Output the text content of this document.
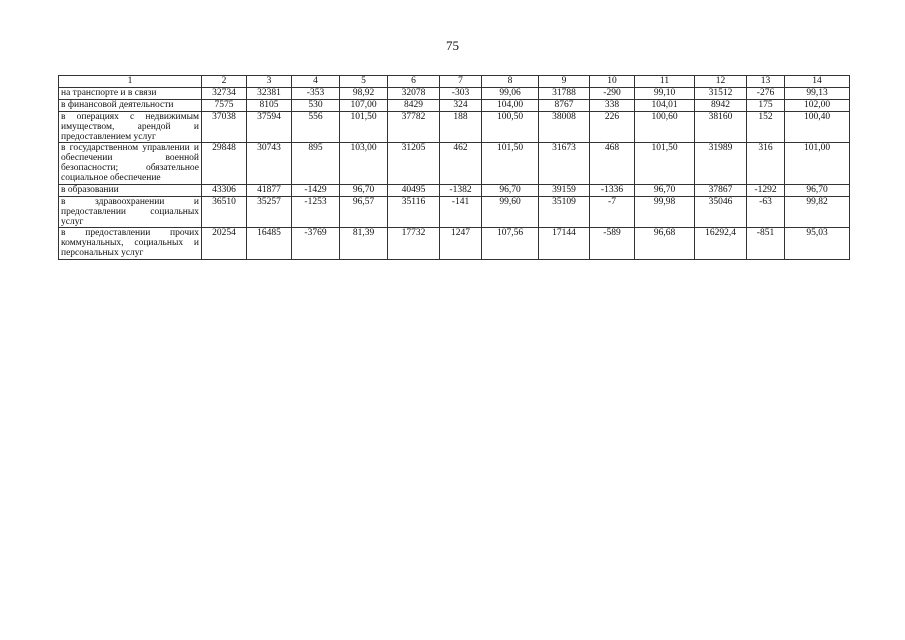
75
1	2	3	4	5	6	7	8	9	10	11	12	13	14
на транспорте и в связи	32734	32381	-353	98,92	32078	-303	99,06	31788	-290	99,10	31512	-276	99,13
в финансовой деятельности	7575	8105	530	107,00	8429	324	104,00	8767	338	104,01	8942	175	102,00
в операциях с недвижимым имуществом, арендой и предоставлением услуг	37038	37594	556	101,50	37782	188	100,50	38008	226	100,60	38160	152	100,40
в государственном управлении и обеспечении военной безопасности; обязательное социальное обеспечение	29848	30743	895	103,00	31205	462	101,50	31673	468	101,50	31989	316	101,00
в образовании	43306	41877	-1429	96,70	40495	-1382	96,70	39159	-1336	96,70	37867	-1292	96,70
в здравоохранении и предоставлении социальных услуг	36510	35257	-1253	96,57	35116	-141	99,60	35109	-7	99,98	35046	-63	99,82
в предоставлении прочих коммунальных, социальных и персональных услуг	20254	16485	-3769	81,39	17732	1247	107,56	17144	-589	96,68	16292,4	-851	95,03
